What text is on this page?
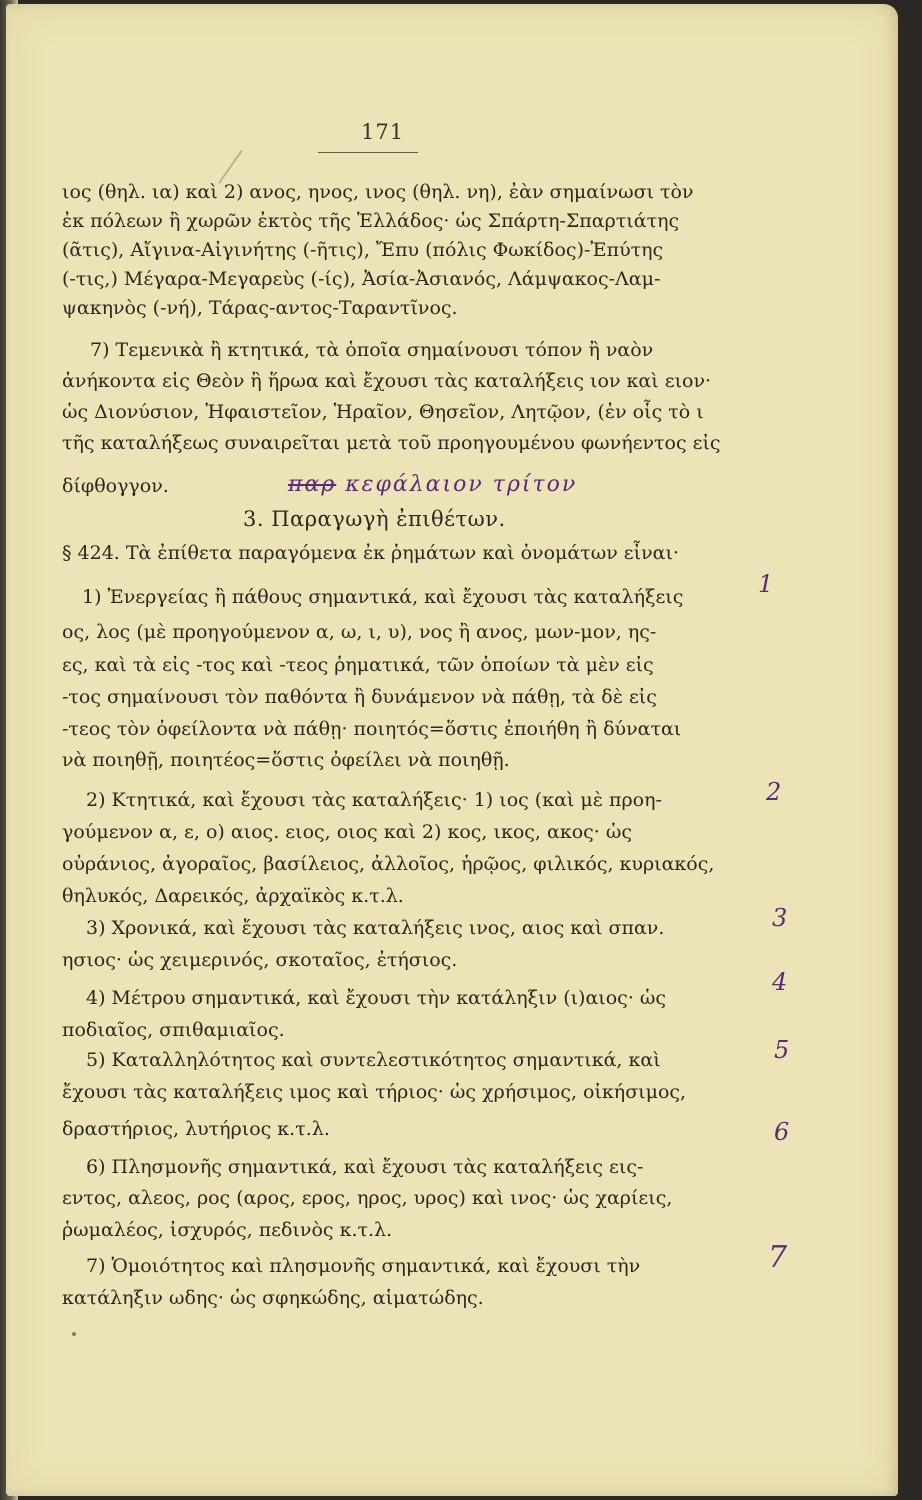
171
ιος (θηλ. ια) καὶ 2) ανος, ηνος, ινος (θηλ. νη), ἐὰν σημαίνωσι τὸν
ἐκ πόλεων ἢ χωρῶν ἐκτὸς τῆς Ἑλλάδος· ὡς Σπάρτη-Σπαρτιάτης
(ᾶτις), Αἴγινα-Αἰγινήτης (-ῆτις), Ἔπυ (πόλις Φωκίδος)-Ἐπύτης
(-τις,) Μέγαρα-Μεγαρεὺς (-ίς), Ἀσία-Ἀσιανός, Λάμψακος-Λαμ-
ψακηνὸς (-νή), Τάρας-αντος-Ταραντῖνος.
7) Τεμενικὰ ἢ κτητικά, τὰ ὁποῖα σημαίνουσι τόπον ἢ ναὸν
ἀνήκοντα εἰς Θεὸν ἢ ἥρωα καὶ ἔχουσι τὰς καταλήξεις ιον καὶ ειον·
ὡς Διονύσιον, Ἡφαιστεῖον, Ἡραῖον, Θησεῖον, Λητῷον, (ἐν οἷς τὸ ι
τῆς καταλήξεως συναιρεῖται μετὰ τοῦ προηγουμένου φωνήεντος εἰς
δίφθογγον.
§ 424. Τὰ ἐπίθετα παραγόμενα ἐκ ῥημάτων καὶ ὀνομάτων εἶναι·
1) Ἐνεργείας ἢ πάθους σημαντικά, καὶ ἔχουσι τὰς καταλήξεις
ος, λος (μὲ προηγούμενον α, ω, ι, υ), νος ἢ ανος, μων-μον, ης-
ες, καὶ τὰ εἰς -τος καὶ -τεος ῥηματικά, τῶν ὁποίων τὰ μὲν εἰς
-τος σημαίνουσι τὸν παθόντα ἢ δυνάμενον νὰ πάθῃ, τὰ δὲ εἰς
-τεος τὸν ὀφείλοντα νὰ πάθῃ· ποιητός=ὅστις ἐποιήθη ἢ δύναται
νὰ ποιηθῇ, ποιητέος=ὅστις ὀφείλει νὰ ποιηθῇ.
2) Κτητικά, καὶ ἔχουσι τὰς καταλήξεις· 1) ιος (καὶ μὲ προη-
γούμενον α, ε, ο) αιος. ειος, οιος καὶ 2) κος, ικος, ακος· ὡς
οὐράνιος, ἀγοραῖος, βασίλειος, ἀλλοῖος, ἡρῷος, φιλικός, κυριακός,
θηλυκός, Δαρεικός, ἀρχαϊκὸς κ.τ.λ.
3) Χρονικά, καὶ ἔχουσι τὰς καταλήξεις ινος, αιος καὶ σπαν.
ησιος· ὡς χειμερινός, σκοταῖος, ἐτήσιος.
4) Μέτρου σημαντικά, καὶ ἔχουσι τὴν κατάληξιν (ι)αιος· ὡς
ποδιαῖος, σπιθαμιαῖος.
5) Καταλληλότητος καὶ συντελεστικότητος σημαντικά, καὶ
ἔχουσι τὰς καταλήξεις ιμος καὶ τήριος· ὡς χρήσιμος, οἰκήσιμος,
δραστήριος, λυτήριος κ.τ.λ.
6) Πλησμονῆς σημαντικά, καὶ ἔχουσι τὰς καταλήξεις εις-
εντος, αλεος, ρος (αρος, ερος, ηρος, υρος) καὶ ινος· ὡς χαρίεις,
ῥωμαλέος, ἰσχυρός, πεδινὸς κ.τ.λ.
7) Ὁμοιότητος καὶ πλησμονῆς σημαντικά, καὶ ἔχουσι τὴν
κατάληξιν ωδης· ὡς σφηκώδης, αἱματώδης.
3. Παραγωγὴ ἐπιθέτων.
παρ κεφάλαιον τρίτον
1
2
3
4
5
6
7
